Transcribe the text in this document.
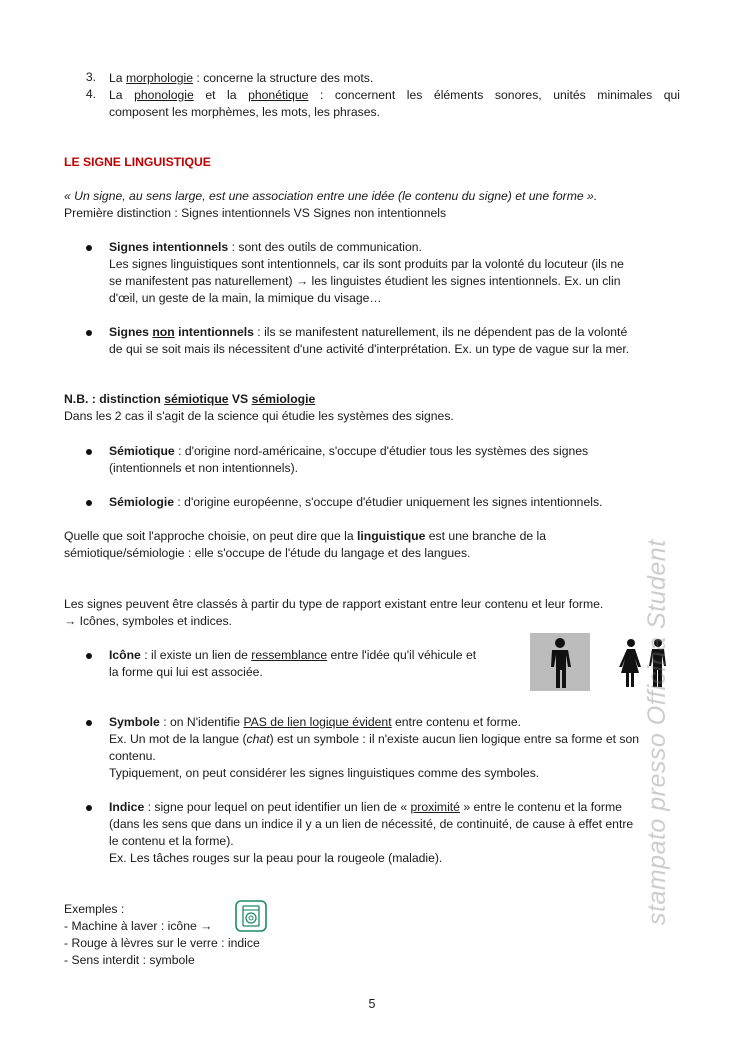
3. La morphologie : concerne la structure des mots.
4. La phonologie et la phonétique : concernent les éléments sonores, unités minimales qui
composent les morphèmes, les mots, les phrases.
LE SIGNE LINGUISTIQUE
« Un signe, au sens large, est une association entre une idée (le contenu du signe) et une forme ».
Première distinction : Signes intentionnels VS Signes non intentionnels
Signes intentionnels : sont des outils de communication.
Les signes linguistiques sont intentionnels, car ils sont produits par la volonté du locuteur (ils ne
se manifestent pas naturellement) → les linguistes étudient les signes intentionnels. Ex. un clin
d'œil, un geste de la main, la mimique du visage…
Signes non intentionnels : ils se manifestent naturellement, ils ne dépendent pas de la volonté
de qui se soit mais ils nécessitent d'une activité d'interprétation. Ex. un type de vague sur la mer.
N.B. : distinction sémiotique VS sémiologie
Dans les 2 cas il s'agit de la science qui étudie les systèmes des signes.
Sémiotique : d'origine nord-américaine, s'occupe d'étudier tous les systèmes des signes
(intentionnels et non intentionnels).
Sémiologie : d'origine européenne, s'occupe d'étudier uniquement les signes intentionnels.
Quelle que soit l'approche choisie, on peut dire que la linguistique est une branche de la
sémiotique/sémiologie : elle s'occupe de l'étude du langage et des langues.
Les signes peuvent être classés à partir du type de rapport existant entre leur contenu et leur forme.
→ Icônes, symboles et indices.
Icône : il existe un lien de ressemblance entre l'idée qu'il véhicule et
la forme qui lui est associée.
Symbole : on N'identifie PAS de lien logique évident entre contenu et forme.
Ex. Un mot de la langue (chat) est un symbole : il n'existe aucun lien logique entre sa forme et son
contenu.
Typiquement, on peut considérer les signes linguistiques comme des symboles.
Indice : signe pour lequel on peut identifier un lien de « proximité » entre le contenu et la forme
(dans les sens que dans un indice il y a un lien de nécessité, de continuité, de cause à effet entre
le contenu et la forme).
Ex. Les tâches rouges sur la peau pour la rougeole (maladie).
Exemples :
- Machine à laver : icône →
- Rouge à lèvres sur le verre : indice
- Sens interdit : symbole
stampato presso Officina Student
5
